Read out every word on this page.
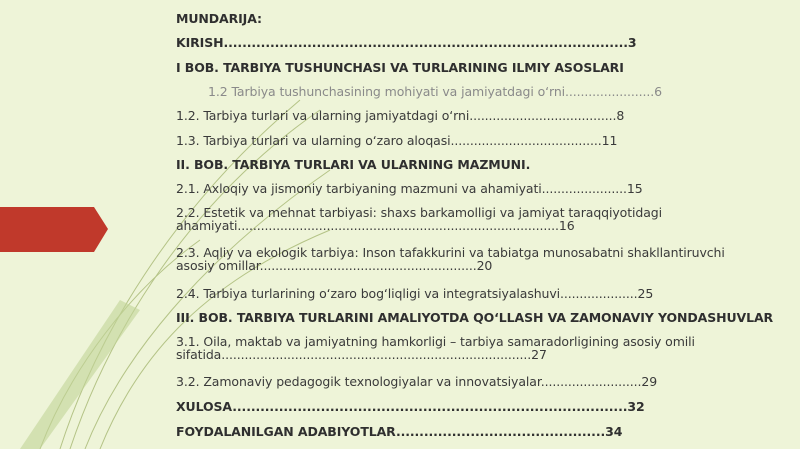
MUNDARIJA:
KIRISH.......................................................................................3
I BOB. TARBIYA TUSHUNCHASI VA TURLARINING ILMIY ASOSLARI
1.2 Tarbiya tushunchasining mohiyati va jamiyatdagi o‘rni.......................6
1.2. Tarbiya turlari va ularning jamiyatdagi o‘rni......................................8
1.3. Tarbiya turlari va ularning o‘zaro aloqasi.......................................11
II. BOB. TARBIYA TURLARI VA ULARNING MAZMUNI.
2.1. Axloqiy va jismoniy tarbiyaning mazmuni va ahamiyati......................15
2.2. Estetik va mehnat tarbiyasi: shaxs barkamolligi va jamiyat taraqqiyotidagi ahamiyati...................................................................................16
2.3. Aqliy va ekologik tarbiya: Inson tafakkurini va tabiatga munosabatni shakllantiruvchi asosiy omillar........................................................20
2.4. Tarbiya turlarining o‘zaro bog‘liqligi va integratsiyalashuvi....................25
III. BOB. TARBIYA TURLARINI AMALIYOTDA QO‘LLASH VA ZAMONAVIY YONDASHUVLAR
3.1. Oila, maktab va jamiyatning hamkorligi – tarbiya samaradorligining asosiy omili sifatida................................................................................27
3.2. Zamonaviy pedagogik texnologiyalar va innovatsiyalar..........................29
XULOSA.....................................................................................32
FOYDALANILGAN ADABIYOTLAR.............................................34
